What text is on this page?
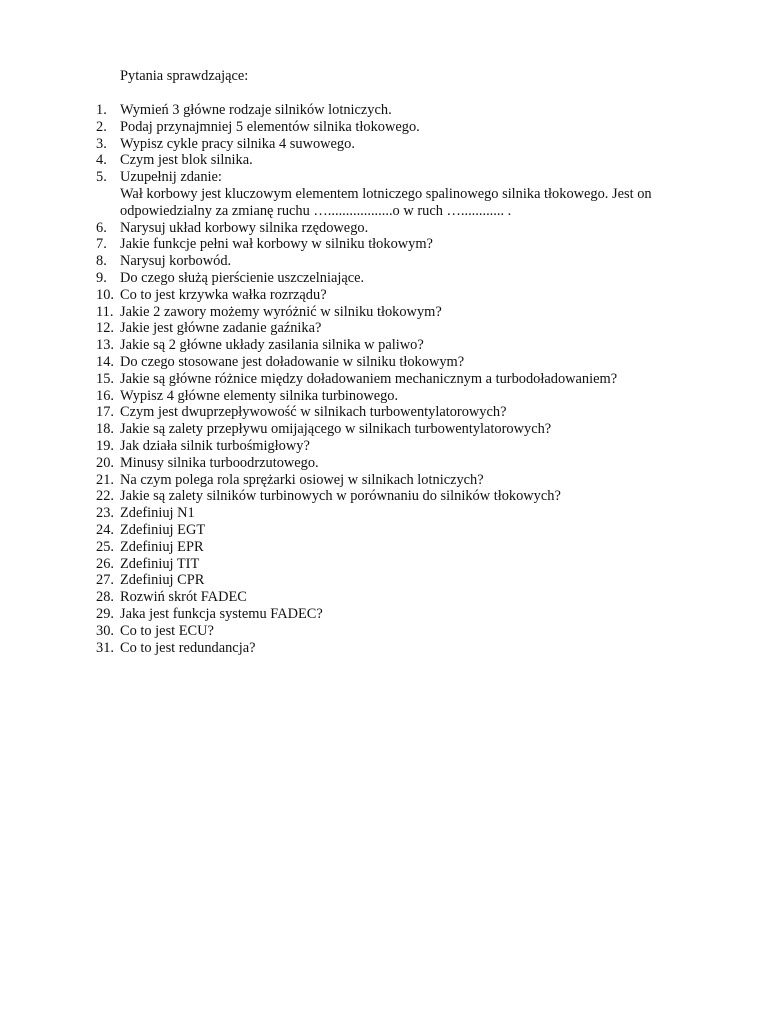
Pytania sprawdzające:
1. Wymień 3 główne rodzaje silników lotniczych.
2. Podaj przynajmniej 5 elementów silnika tłokowego.
3. Wypisz cykle pracy silnika 4 suwowego.
4. Czym jest blok silnika.
5. Uzupełnij zdanie:
Wał korbowy jest kluczowym elementem lotniczego spalinowego silnika tłokowego. Jest on odpowiedzialny za zmianę ruchu …..................o w ruch …............ .
6. Narysuj układ korbowy silnika rzędowego.
7. Jakie funkcje pełni wał korbowy w silniku tłokowym?
8. Narysuj korbowód.
9. Do czego służą pierścienie uszczelniające.
10. Co to jest krzywka wałka rozrządu?
11. Jakie 2 zawory możemy wyróżnić w silniku tłokowym?
12. Jakie jest główne zadanie gaźnika?
13. Jakie są 2 główne układy zasilania silnika w paliwo?
14. Do czego stosowane jest doładowanie w silniku tłokowym?
15. Jakie są główne różnice między doładowaniem mechanicznym a turbodoładowaniem?
16. Wypisz 4 główne elementy silnika turbinowego.
17. Czym jest dwuprzepływowość w silnikach turbowentylatorowych?
18. Jakie są zalety przepływu omijającego w silnikach turbowentylatorowych?
19. Jak działa silnik turbośmigłowy?
20. Minusy silnika turboodrzutowego.
21. Na czym polega rola sprężarki osiowej w silnikach lotniczych?
22. Jakie są zalety silników turbinowych w porównaniu do silników tłokowych?
23. Zdefiniuj N1
24. Zdefiniuj EGT
25. Zdefiniuj EPR
26. Zdefiniuj TIT
27. Zdefiniuj CPR
28. Rozwiń skrót FADEC
29. Jaka jest funkcja systemu FADEC?
30. Co to jest ECU?
31. Co to jest redundancja?
